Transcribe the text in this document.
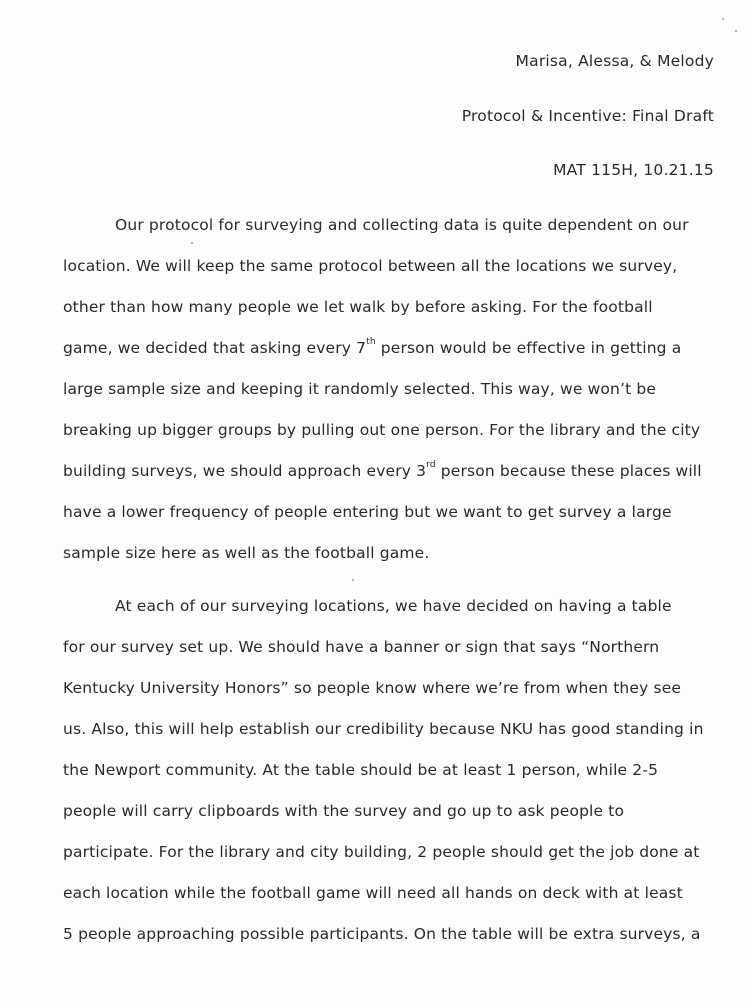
Marisa, Alessa, & Melody
Protocol & Incentive: Final Draft
MAT 115H, 10.21.15
Our protocol for surveying and collecting data is quite dependent on our
location. We will keep the same protocol between all the locations we survey,
other than how many people we let walk by before asking. For the football
game, we decided that asking every 7th person would be effective in getting a
large sample size and keeping it randomly selected. This way, we won’t be
breaking up bigger groups by pulling out one person. For the library and the city
building surveys, we should approach every 3rd person because these places will
have a lower frequency of people entering but we want to get survey a large
sample size here as well as the football game.
At each of our surveying locations, we have decided on having a table
for our survey set up. We should have a banner or sign that says “Northern
Kentucky University Honors” so people know where we’re from when they see
us. Also, this will help establish our credibility because NKU has good standing in
the Newport community. At the table should be at least 1 person, while 2-5
people will carry clipboards with the survey and go up to ask people to
participate. For the library and city building, 2 people should get the job done at
each location while the football game will need all hands on deck with at least
5 people approaching possible participants. On the table will be extra surveys, a
